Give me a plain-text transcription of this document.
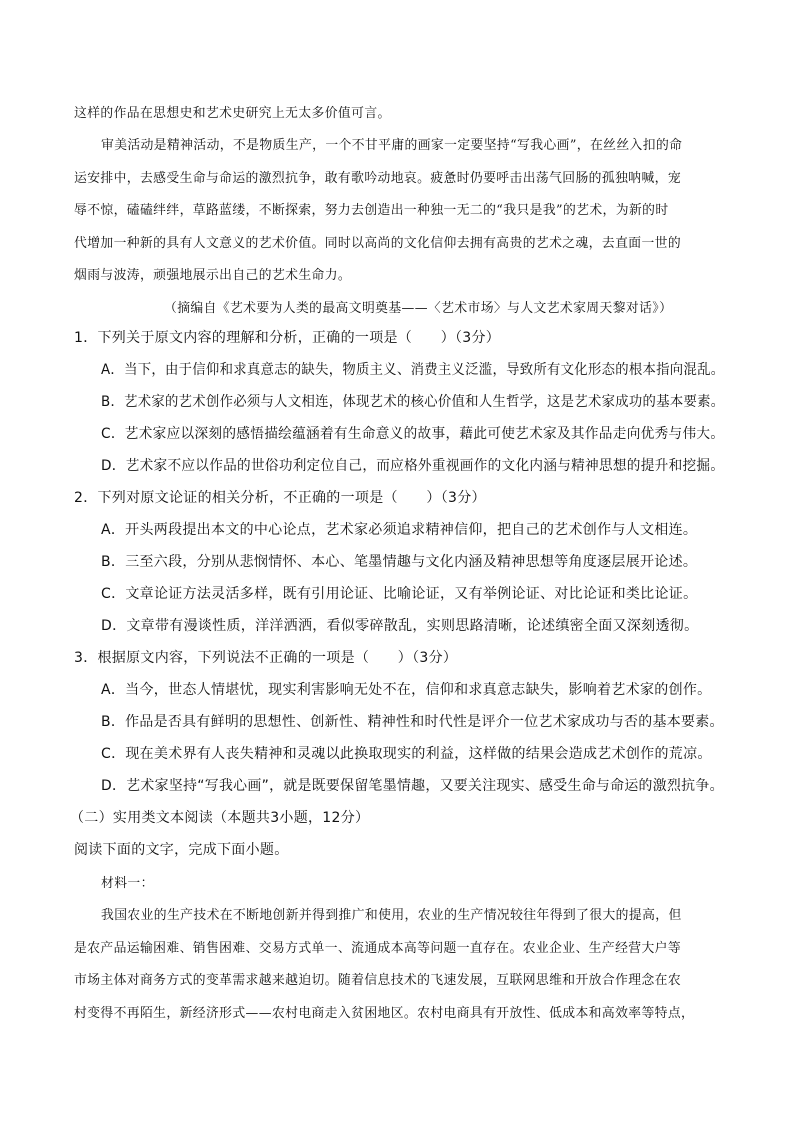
这样的作品在思想史和艺术史研究上无太多价值可言。
审美活动是精神活动，不是物质生产，一个不甘平庸的画家一定要坚持“写我心画”，在丝丝入扣的命
运安排中，去感受生命与命运的激烈抗争，敢有歌吟动地哀。疲惫时仍要呼击出荡气回肠的孤独呐喊，宠
辱不惊，磕磕绊绊，草路蓝缕，不断探索，努力去创造出一种独一无二的“我只是我”的艺术，为新的时
代增加一种新的具有人文意义的艺术价值。同时以高尚的文化信仰去拥有高贵的艺术之魂，去直面一世的
烟雨与波涛，顽强地展示出自己的艺术生命力。
（摘编自《艺术要为人类的最高文明奠基——〈艺术市场〉与人文艺术家周天黎对话》）
1．下列关于原文内容的理解和分析，正确的一项是（　　）（3分）
A．当下，由于信仰和求真意志的缺失，物质主义、消费主义泛滥，导致所有文化形态的根本指向混乱。
B．艺术家的艺术创作必须与人文相连，体现艺术的核心价值和人生哲学，这是艺术家成功的基本要素。
C．艺术家应以深刻的感悟描绘蕴涵着有生命意义的故事，藉此可使艺术家及其作品走向优秀与伟大。
D．艺术家不应以作品的世俗功利定位自己，而应格外重视画作的文化内涵与精神思想的提升和挖掘。
2．下列对原文论证的相关分析，不正确的一项是（　　）（3分）
A．开头两段提出本文的中心论点，艺术家必须追求精神信仰，把自己的艺术创作与人文相连。
B．三至六段，分别从悲悯情怀、本心、笔墨情趣与文化内涵及精神思想等角度逐层展开论述。
C．文章论证方法灵活多样，既有引用论证、比喻论证，又有举例论证、对比论证和类比论证。
D．文章带有漫谈性质，洋洋洒洒，看似零碎散乱，实则思路清晰，论述缜密全面又深刻透彻。
3．根据原文内容，下列说法不正确的一项是（　　）（3分）
A．当今，世态人情堪忧，现实利害影响无处不在，信仰和求真意志缺失，影响着艺术家的创作。
B．作品是否具有鲜明的思想性、创新性、精神性和时代性是评介一位艺术家成功与否的基本要素。
C．现在美术界有人丧失精神和灵魂以此换取现实的利益，这样做的结果会造成艺术创作的荒凉。
D．艺术家坚持“写我心画”，就是既要保留笔墨情趣，又要关注现实、感受生命与命运的激烈抗争。
（二）实用类文本阅读（本题共3小题，12分）
阅读下面的文字，完成下面小题。
材料一：
我国农业的生产技术在不断地创新并得到推广和使用，农业的生产情况较往年得到了很大的提高，但
是农产品运输困难、销售困难、交易方式单一、流通成本高等问题一直存在。农业企业、生产经营大户等
市场主体对商务方式的变革需求越来越迫切。随着信息技术的飞速发展，互联网思维和开放合作理念在农
村变得不再陌生，新经济形式——农村电商走入贫困地区。农村电商具有开放性、低成本和高效率等特点，
